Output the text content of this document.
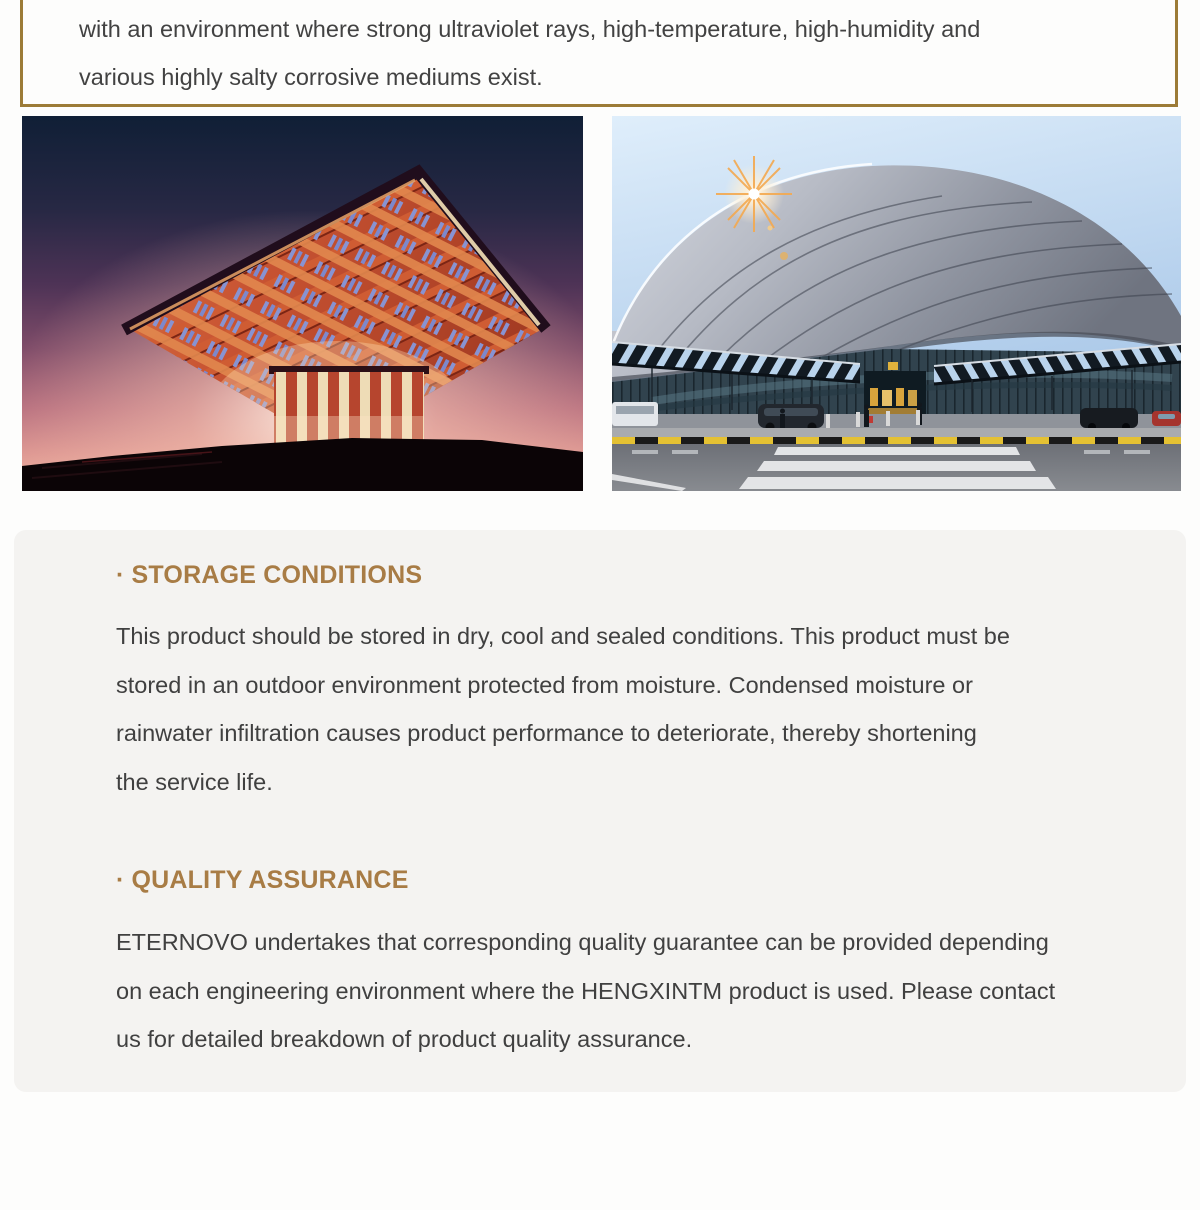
with an environment where strong ultraviolet rays, high-temperature, high-humidity and
various highly salty corrosive mediums exist.
· STORAGE CONDITIONS
This product should be stored in dry, cool and sealed conditions. This product must be
stored in an outdoor environment protected from moisture. Condensed moisture or
rainwater infiltration causes product performance to deteriorate, thereby shortening
the service life.
· QUALITY ASSURANCE
ETERNOVO undertakes that corresponding quality guarantee can be provided depending
on each engineering environment where the HENGXINTM product is used. Please contact
us for detailed breakdown of product quality assurance.
